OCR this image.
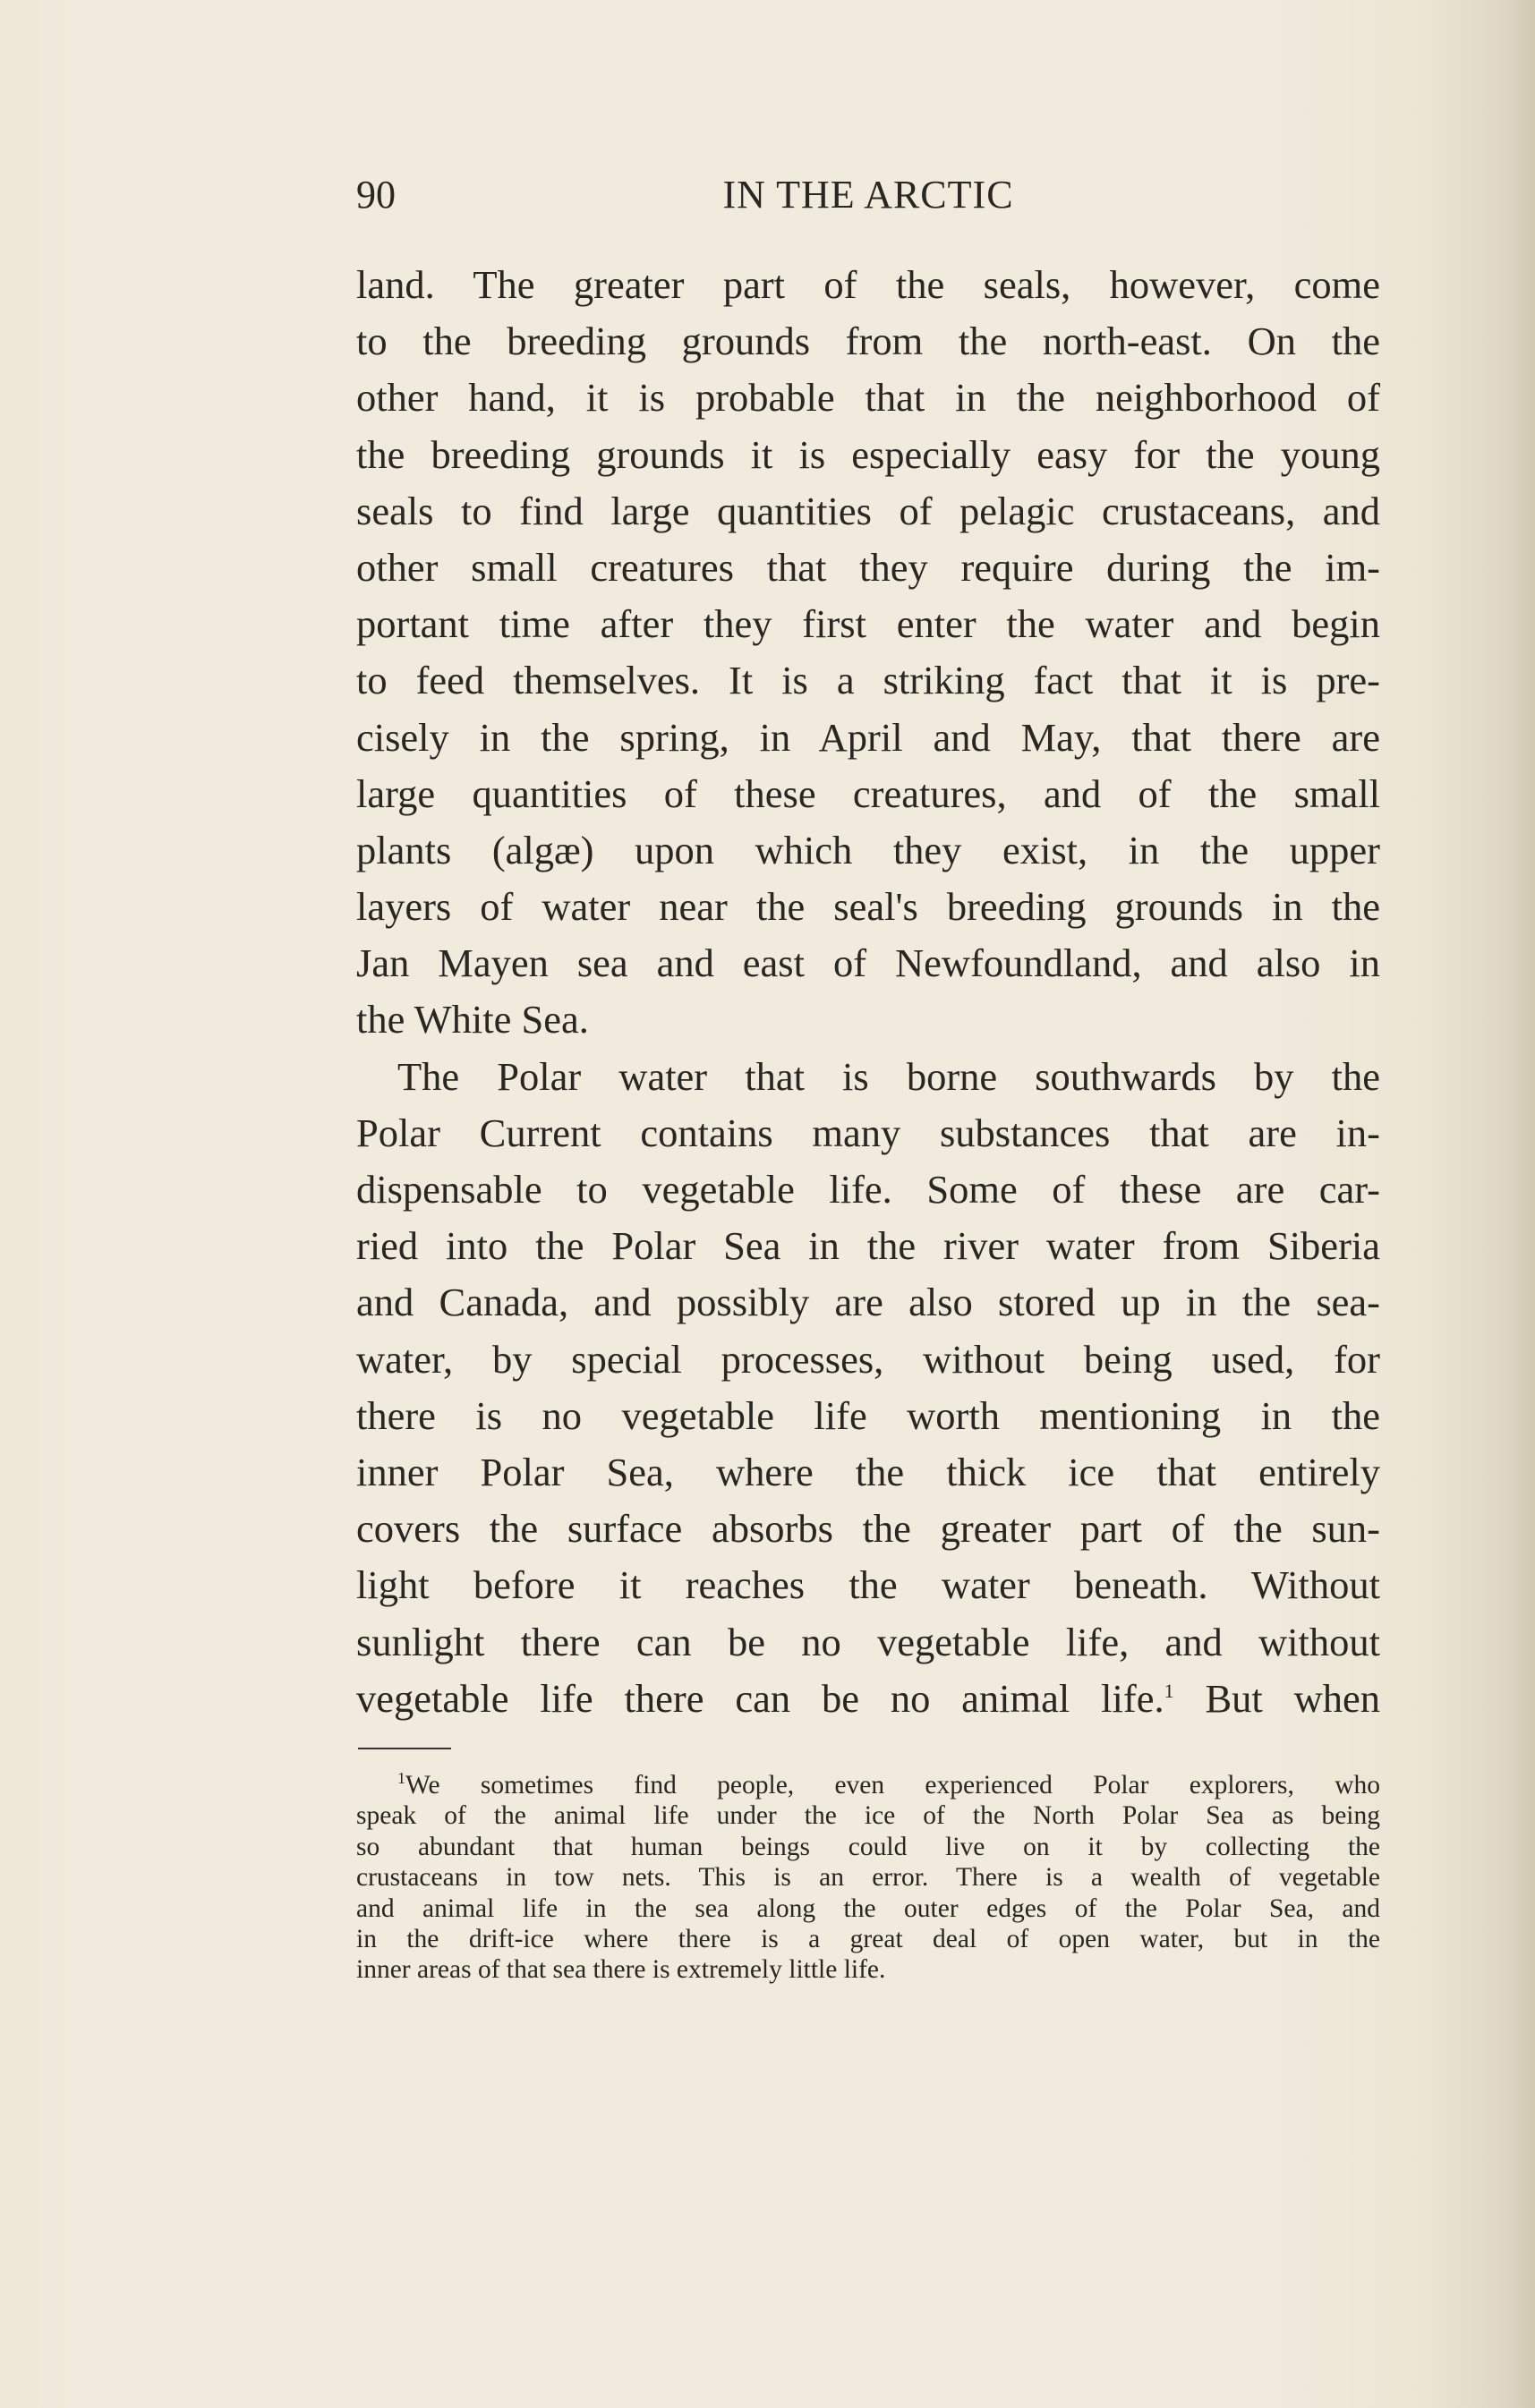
90	IN THE ARCTIC
land. The greater part of the seals, however, come
to the breeding grounds from the north-east. On the
other hand, it is probable that in the neighborhood of
the breeding grounds it is especially easy for the young
seals to find large quantities of pelagic crustaceans, and
other small creatures that they require during the im-
portant time after they first enter the water and begin
to feed themselves. It is a striking fact that it is pre-
cisely in the spring, in April and May, that there are
large quantities of these creatures, and of the small
plants (algæ) upon which they exist, in the upper
layers of water near the seal's breeding grounds in the
Jan Mayen sea and east of Newfoundland, and also in
the White Sea.
The Polar water that is borne southwards by the
Polar Current contains many substances that are in-
dispensable to vegetable life. Some of these are car-
ried into the Polar Sea in the river water from Siberia
and Canada, and possibly are also stored up in the sea-
water, by special processes, without being used, for
there is no vegetable life worth mentioning in the
inner Polar Sea, where the thick ice that entirely
covers the surface absorbs the greater part of the sun-
light before it reaches the water beneath. Without
sunlight there can be no vegetable life, and without
vegetable life there can be no animal life.$^1$ But when
$^1$We sometimes find people, even experienced Polar explorers, who
speak of the animal life under the ice of the North Polar Sea as being
so abundant that human beings could live on it by collecting the
crustaceans in tow nets. This is an error. There is a wealth of vegetable
and animal life in the sea along the outer edges of the Polar Sea, and
in the drift-ice where there is a great deal of open water, but in the
inner areas of that sea there is extremely little life.
